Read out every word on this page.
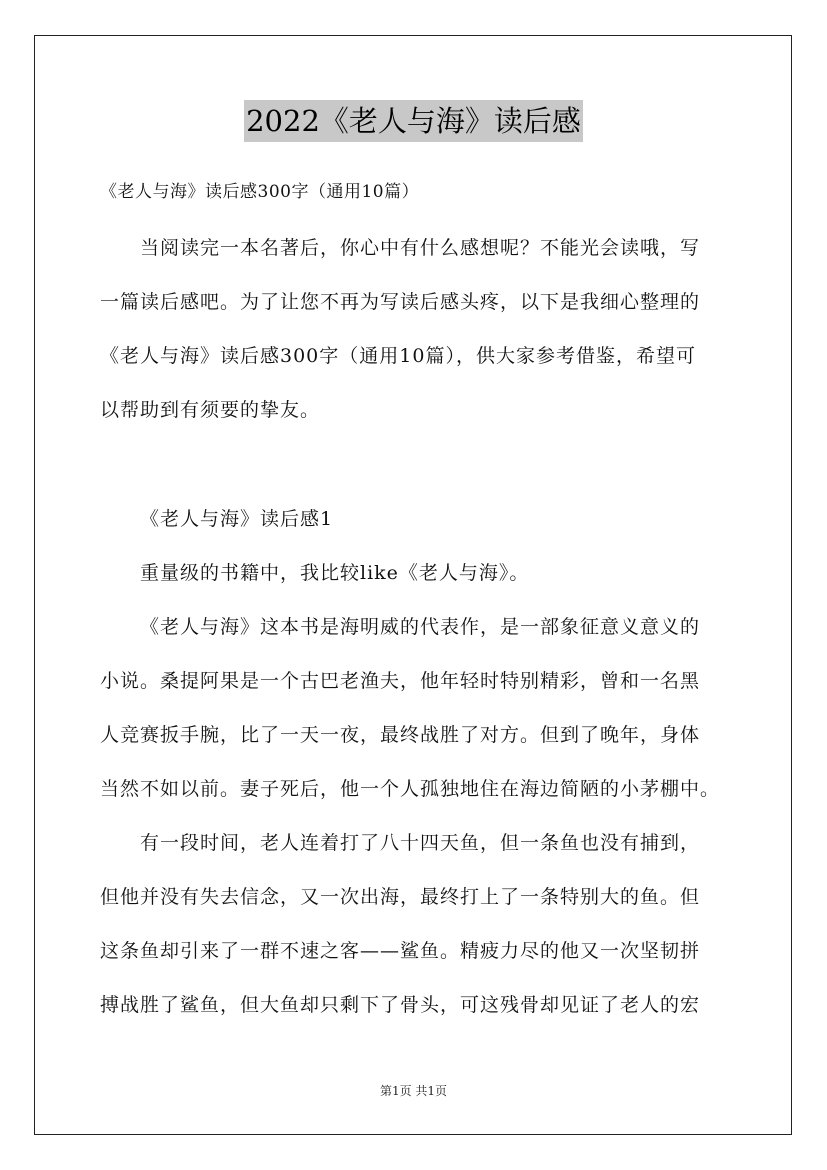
2022《老人与海》读后感
《老人与海》读后感300字（通用10篇）
当阅读完一本名著后，你心中有什么感想呢？不能光会读哦，写
一篇读后感吧。为了让您不再为写读后感头疼，以下是我细心整理的
《老人与海》读后感300字（通用10篇），供大家参考借鉴，希望可
以帮助到有须要的挚友。
《老人与海》读后感1
重量级的书籍中，我比较like《老人与海》。
《老人与海》这本书是海明威的代表作，是一部象征意义意义的
小说。桑提阿果是一个古巴老渔夫，他年轻时特别精彩，曾和一名黑
人竞赛扳手腕，比了一天一夜，最终战胜了对方。但到了晚年，身体
当然不如以前。妻子死后，他一个人孤独地住在海边简陋的小茅棚中。
有一段时间，老人连着打了八十四天鱼，但一条鱼也没有捕到，
但他并没有失去信念，又一次出海，最终打上了一条特别大的鱼。但
这条鱼却引来了一群不速之客——鲨鱼。精疲力尽的他又一次坚韧拼
搏战胜了鲨鱼，但大鱼却只剩下了骨头，可这残骨却见证了老人的宏
第1页 共1页
